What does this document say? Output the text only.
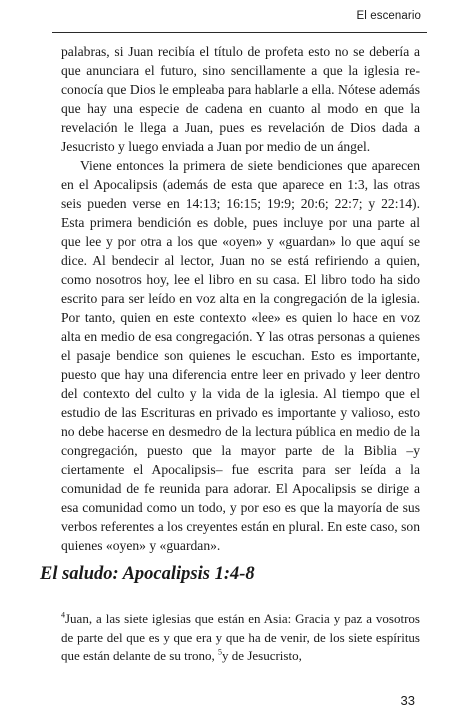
El escenario

palabras, si Juan recibía el título de profeta esto no se debería a que anunciara el futuro, sino sencillamente a que la iglesia reconocía que Dios le empleaba para hablarle a ella. Nótese además que hay una especie de cadena en cuanto al modo en que la revelación le llega a Juan, pues es revelación de Dios dada a Jesucristo y luego enviada a Juan por medio de un ángel.

Viene entonces la primera de siete bendiciones que aparecen en el Apocalipsis (además de esta que aparece en 1:3, las otras seis pueden verse en 14:13; 16:15; 19:9; 20:6; 22:7; y 22:14). Esta primera bendición es doble, pues incluye por una parte al que lee y por otra a los que «oyen» y «guardan» lo que aquí se dice. Al bendecir al lector, Juan no se está refiriendo a quien, como nosotros hoy, lee el libro en su casa. El libro todo ha sido escrito para ser leído en voz alta en la congregación de la iglesia. Por tanto, quien en este contexto «lee» es quien lo hace en voz alta en medio de esa congregación. Y las otras personas a quienes el pasaje bendice son quienes le escuchan. Esto es importante, puesto que hay una diferencia entre leer en privado y leer dentro del contexto del culto y la vida de la iglesia. Al tiempo que el estudio de las Escrituras en privado es importante y valioso, esto no debe hacerse en desmedro de la lectura pública en medio de la congregación, puesto que la mayor parte de la Biblia –y ciertamente el Apocalipsis– fue escrita para ser leída a la comunidad de fe reunida para adorar. El Apocalipsis se dirige a esa comunidad como un todo, y por eso es que la mayoría de sus verbos referentes a los creyentes están en plural. En este caso, son quienes «oyen» y «guardan».

El saludo: Apocalipsis 1:4-8
$^4$Juan, a las siete iglesias que están en Asia: Gracia y paz a vosotros de parte del que es y que era y que ha de venir, de los siete espíritus que están delante de su trono, $^5$y de Jesucristo,
33
